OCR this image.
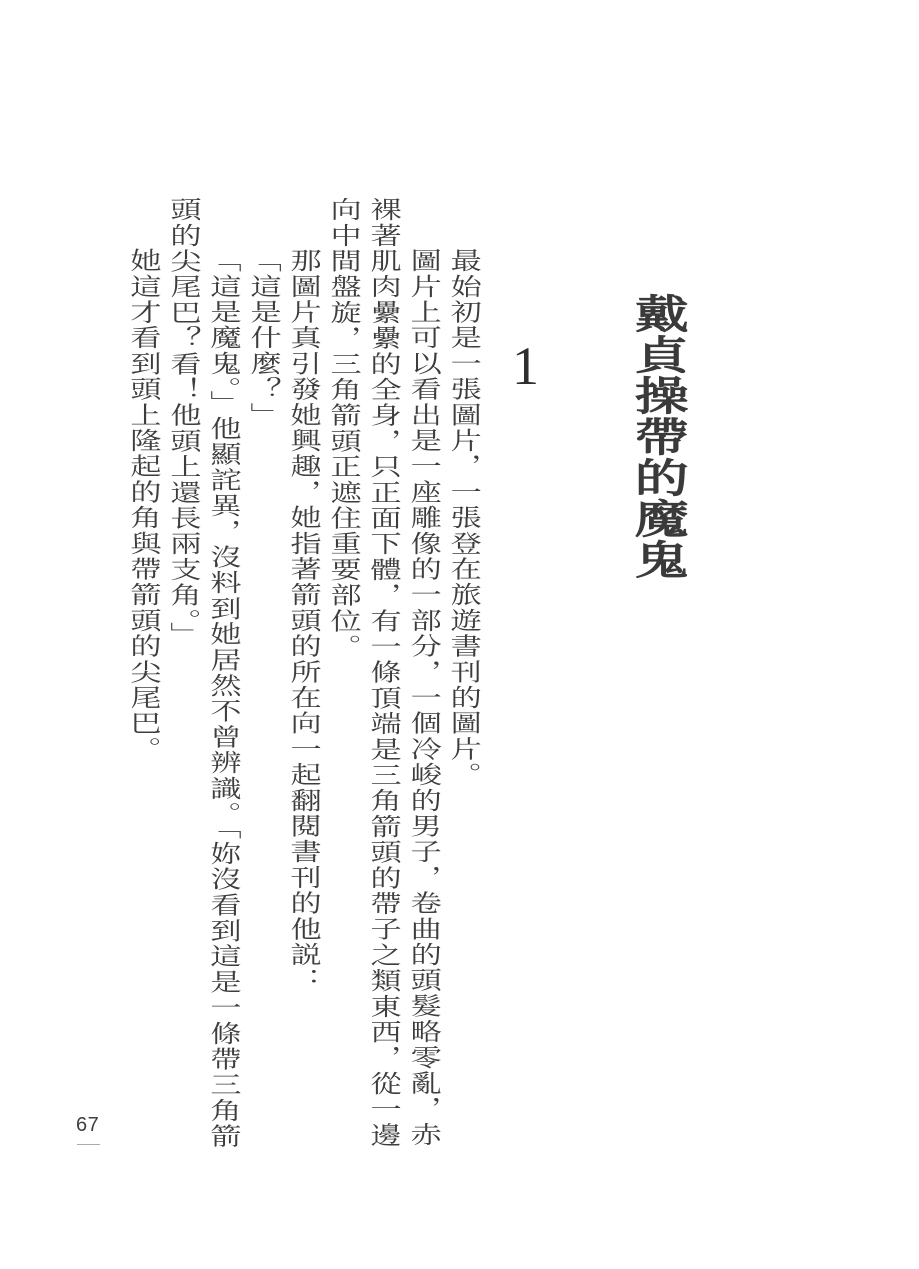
戴貞操帶的魔鬼
1

最始初是一張圖片，一張登在旅遊書刊的圖片。

圖片上可以看出是一座雕像的一部分，一個冷峻的男子，卷曲的頭髮略零亂，赤裸著肌肉纍纍的全身，只正面下體，有一條頂端是三角箭頭的帶子之類東西，從一邊向中間盤旋，三角箭頭正遮住重要部位。

那圖片真引發她興趣，她指著箭頭的所在向一起翻閱書刊的他説：

「這是什麼？」

「這是魔鬼。」他顯詫異，沒料到她居然不曾辨識。「妳沒看到這是一條帶三角箭頭的尖尾巴？看！他頭上還長兩支角。」

她這才看到頭上隆起的角與帶箭頭的尖尾巴。

67
